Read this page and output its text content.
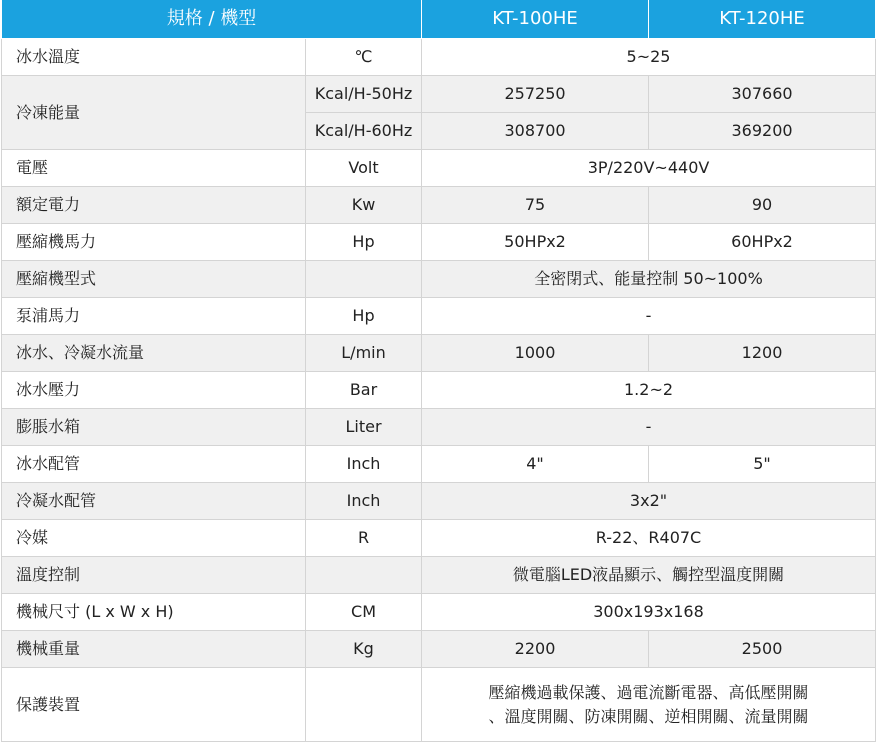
規格 / 機型		KT-100HE	KT-120HE
冰水溫度	℃	5~25	
冷凍能量	Kcal/H-50Hz	257250	307660
	Kcal/H-60Hz	308700	369200
電壓	Volt	3P/220V~440V	
額定電力	Kw	75	90
壓縮機馬力	Hp	50HPx2	60HPx2
壓縮機型式		全密閉式、能量控制 50~100%	
泵浦馬力	Hp	-	
冰水、冷凝水流量	L/min	1000	1200
冰水壓力	Bar	1.2~2	
膨脹水箱	Liter	-	
冰水配管	Inch	4"	5"
冷凝水配管	Inch	3x2"	
冷媒	R	R-22、R407C	
溫度控制		微電腦LED液晶顯示、觸控型溫度開關	
機械尺寸 (L x W x H)	CM	300x193x168	
機械重量	Kg	2200	2500
保護裝置		壓縮機過載保護、過電流斷電器、高低壓開關
、溫度開關、防凍開關、逆相開關、流量開關	
